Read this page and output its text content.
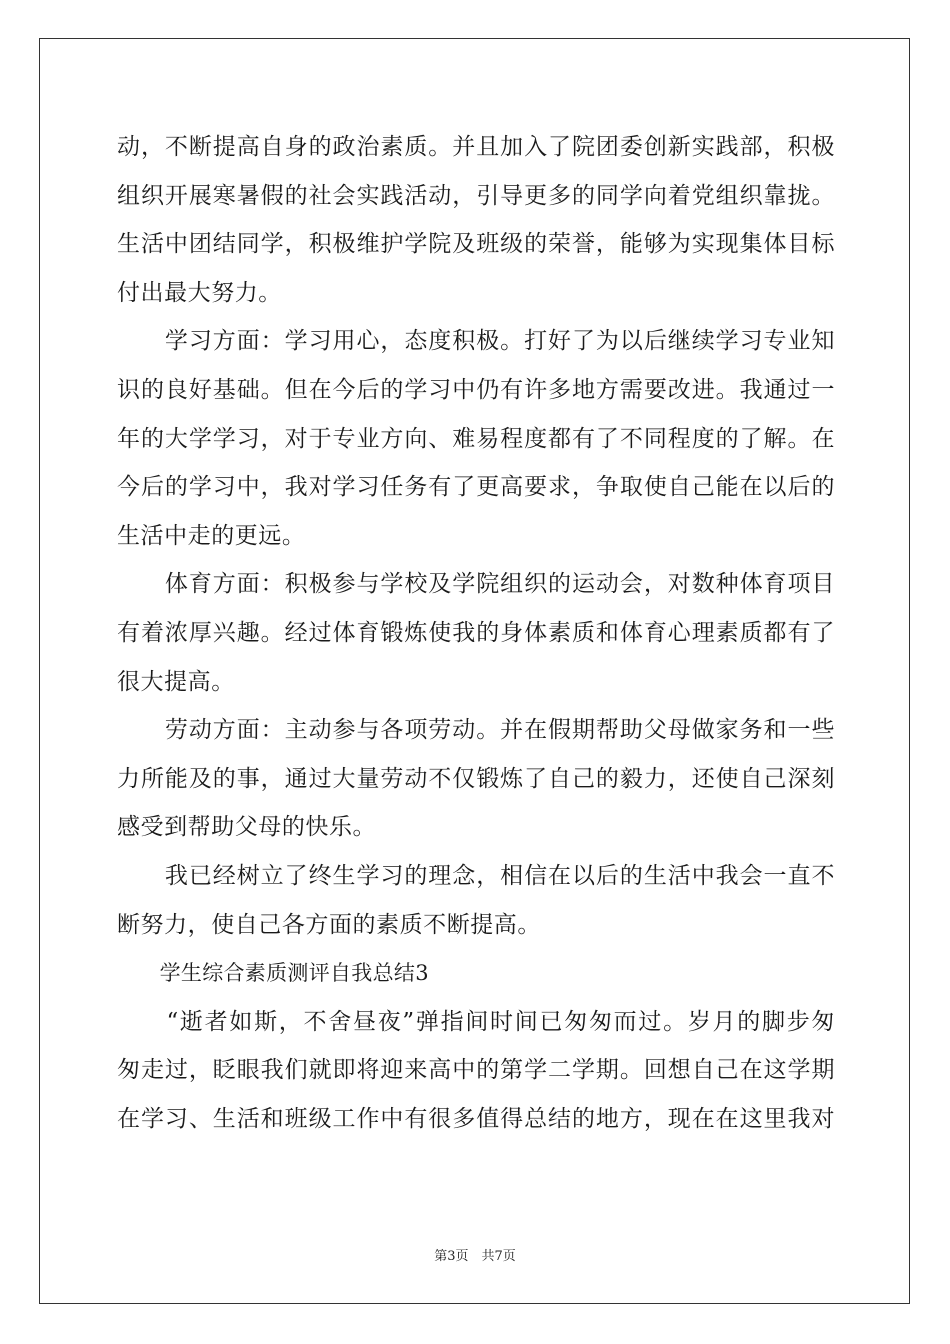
动，不断提高自身的政治素质。并且加入了院团委创新实践部，积极
组织开展寒暑假的社会实践活动，引导更多的同学向着党组织靠拢。
生活中团结同学，积极维护学院及班级的荣誉，能够为实现集体目标
付出最大努力。
　　学习方面：学习用心，态度积极。打好了为以后继续学习专业知
识的良好基础。但在今后的学习中仍有许多地方需要改进。我通过一
年的大学学习，对于专业方向、难易程度都有了不同程度的了解。在
今后的学习中，我对学习任务有了更高要求，争取使自己能在以后的
生活中走的更远。
　　体育方面：积极参与学校及学院组织的运动会，对数种体育项目
有着浓厚兴趣。经过体育锻炼使我的身体素质和体育心理素质都有了
很大提高。
　　劳动方面：主动参与各项劳动。并在假期帮助父母做家务和一些
力所能及的事，通过大量劳动不仅锻炼了自己的毅力，还使自己深刻
感受到帮助父母的快乐。
　　我已经树立了终生学习的理念，相信在以后的生活中我会一直不
断努力，使自己各方面的素质不断提高。
　　学生综合素质测评自我总结3
　　“逝者如斯，不舍昼夜”弹指间时间已匆匆而过。岁月的脚步匆
匆走过，眨眼我们就即将迎来高中的第学二学期。回想自己在这学期
在学习、生活和班级工作中有很多值得总结的地方，现在在这里我对
第3页　共7页
